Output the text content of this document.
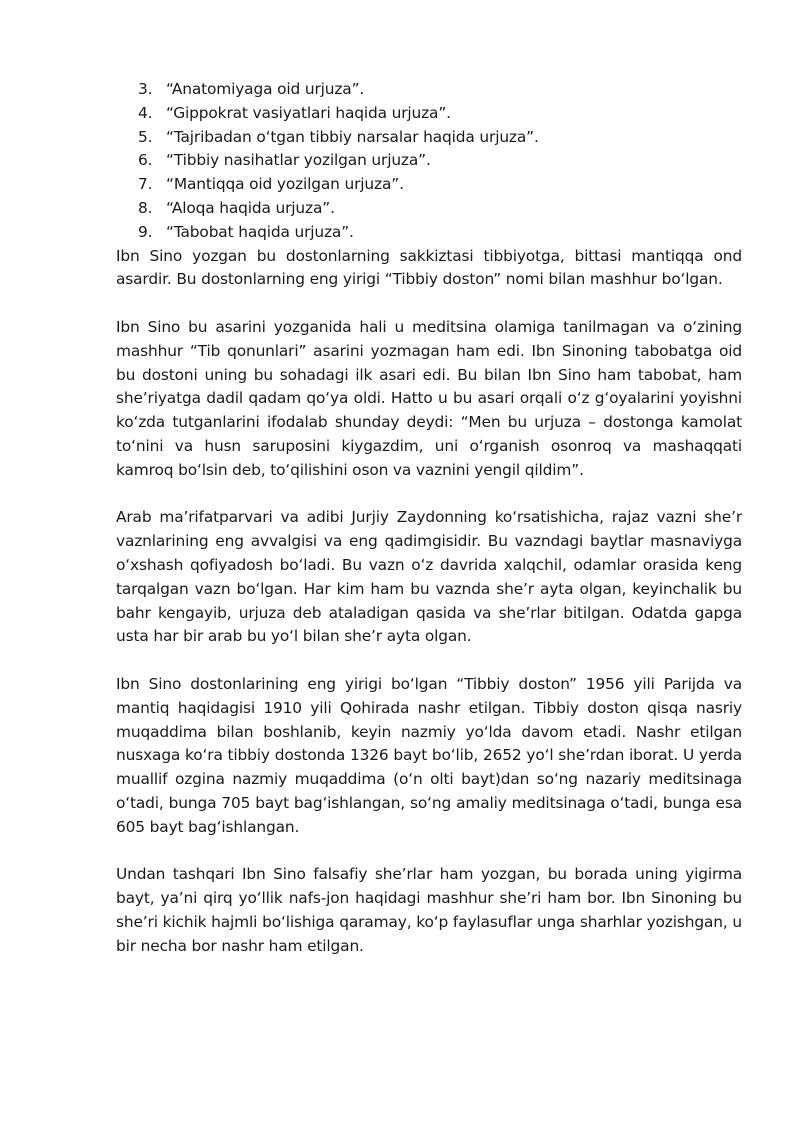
3. “Anatomiyaga oid urjuza”.
4. “Gippokrat vasiyatlari haqida urjuza”.
5. “Tajribadan oʻtgan tibbiy narsalar haqida urjuza”.
6. “Tibbiy nasihatlar yozilgan urjuza”.
7. “Mantiqqa oid yozilgan urjuza”.
8. “Aloqa haqida urjuza”.
9. “Tabobat haqida urjuza”.

Ibn Sino yozgan bu dostonlarning sakkiztasi tibbiyotga, bittasi mantiqqa ond asardir. Bu dostonlarning eng yirigi “Tibbiy doston” nomi bilan mashhur boʻlgan.

Ibn Sino bu asarini yozganida hali u meditsina olamiga tanilmagan va oʻzining mashhur “Tib qonunlari” asarini yozmagan ham edi. Ibn Sinoning tabobatga oid bu dostoni uning bu sohadagi ilk asari edi. Bu bilan Ibn Sino ham tabobat, ham sheʼriyatga dadil qadam qoʻya oldi. Hatto u bu asari orqali oʻz gʻoyalarini yoyishni koʻzda tutganlarini ifodalab shunday deydi: “Men bu urjuza – dostonga kamolat toʻnini va husn saruposini kiygazdim, uni oʻrganish osonroq va mashaqqati kamroq boʻlsin deb, toʻqilishini oson va vaznini yengil qildim”.

Arab maʼrifatparvari va adibi Jurjiy Zaydonning koʻrsatishicha, rajaz vazni sheʼr vaznlarining eng avvalgisi va eng qadimgisidir. Bu vazndagi baytlar masnaviyga oʻxshash qofiyadosh boʻladi. Bu vazn oʻz davrida xalqchil, odamlar orasida keng tarqalgan vazn boʻlgan. Har kim ham bu vaznda sheʼr ayta olgan, keyinchalik bu bahr kengayib, urjuza deb ataladigan qasida va sheʼrlar bitilgan. Odatda gapga usta har bir arab bu yoʻl bilan sheʼr ayta olgan.

Ibn Sino dostonlarining eng yirigi boʻlgan “Tibbiy doston” 1956 yili Parijda va mantiq haqidagisi 1910 yili Qohirada nashr etilgan. Tibbiy doston qisqa nasriy muqaddima bilan boshlanib, keyin nazmiy yoʻlda davom etadi. Nashr etilgan nusxaga koʻra tibbiy dostonda 1326 bayt boʻlib, 2652 yoʻl sheʼrdan iborat. U yerda muallif ozgina nazmiy muqaddima (oʻn olti bayt)dan soʻng nazariy meditsinaga oʻtadi, bunga 705 bayt bagʻishlangan, soʻng amaliy meditsinaga oʻtadi, bunga esa 605 bayt bagʻishlangan.

Undan tashqari Ibn Sino falsafiy sheʼrlar ham yozgan, bu borada uning yigirma bayt, yaʼni qirq yoʻllik nafs-jon haqidagi mashhur sheʼri ham bor. Ibn Sinoning bu sheʼri kichik hajmli boʻlishiga qaramay, koʻp faylasuflar unga sharhlar yozishgan, u bir necha bor nashr ham etilgan.
